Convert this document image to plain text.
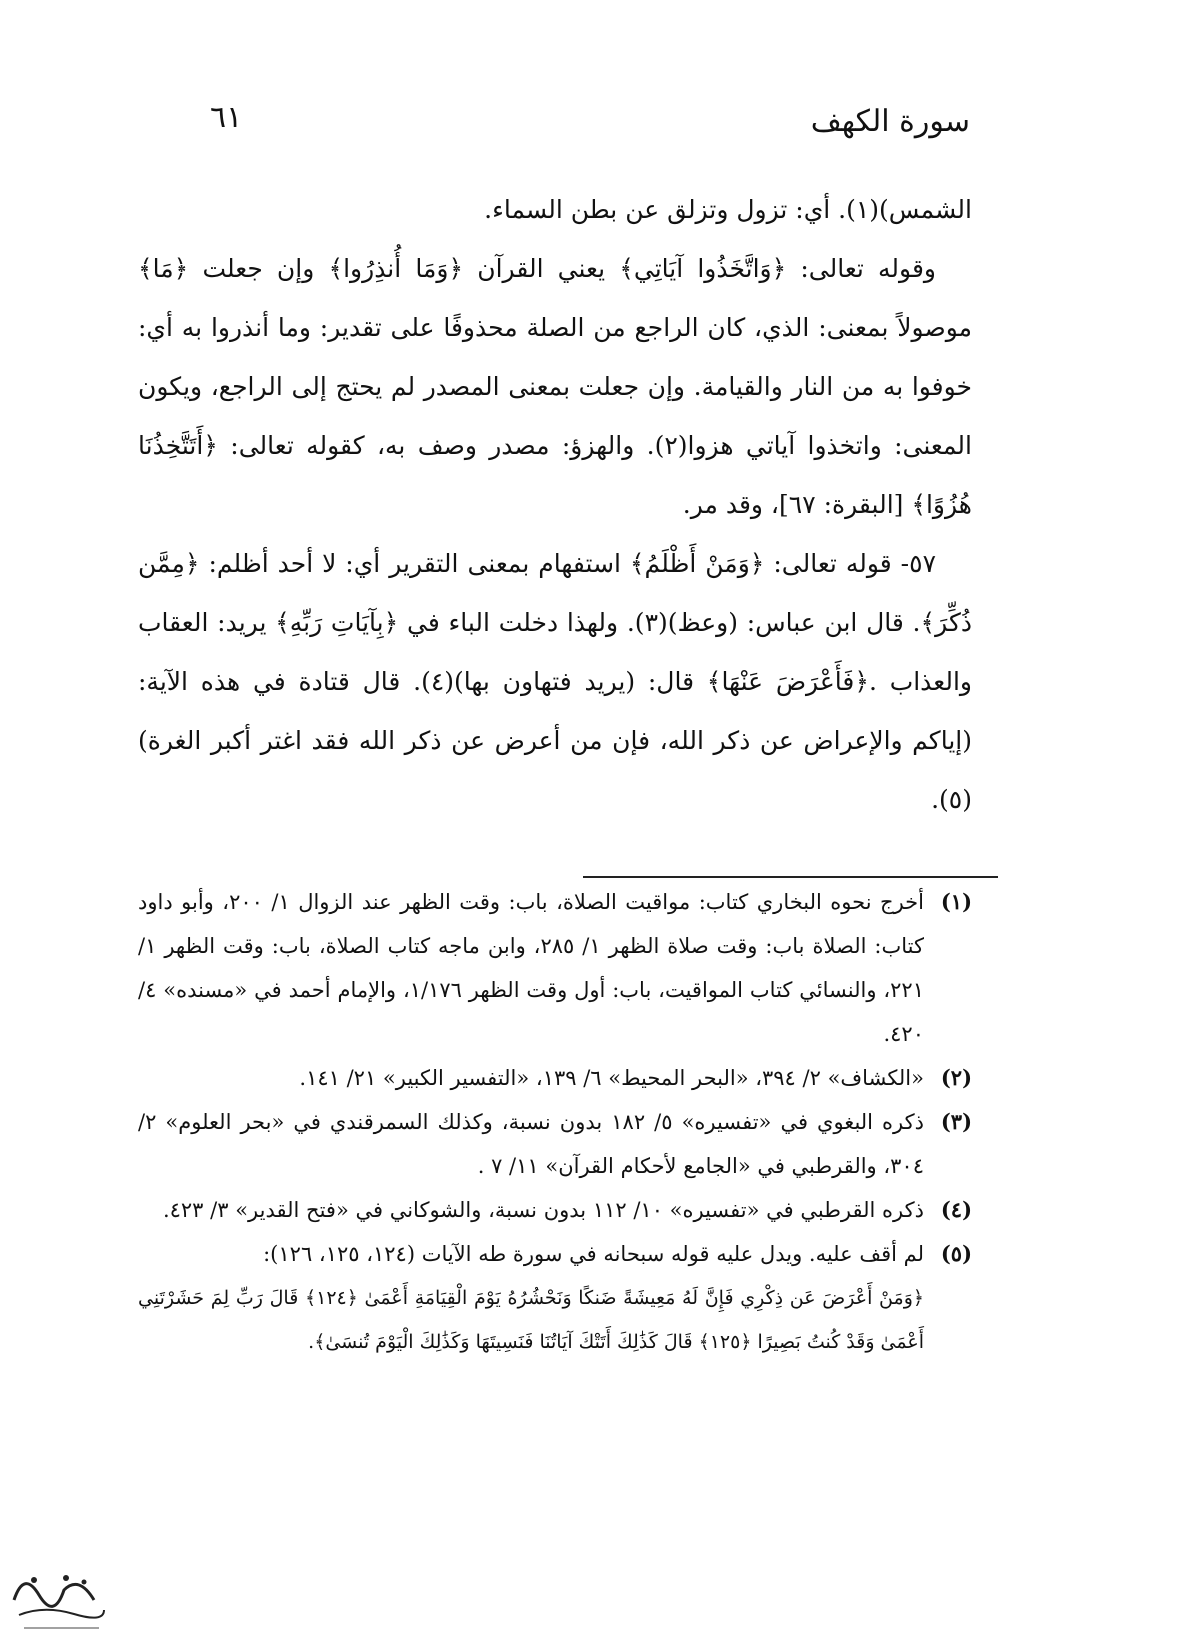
٦١	سورة الكهف

الشمس)(١). أي: تزول وتزلق عن بطن السماء.

وقوله تعالى: ﴿وَاتَّخَذُوا آيَاتِي﴾ يعني القرآن ﴿وَمَا أُنذِرُوا﴾ وإن جعلت ﴿مَا﴾ موصولاً بمعنى: الذي، كان الراجع من الصلة محذوفًا على تقدير: وما أنذروا به أي: خوفوا به من النار والقيامة. وإن جعلت بمعنى المصدر لم يحتج إلى الراجع، ويكون المعنى: واتخذوا آياتي هزوا(٢). والهزؤ: مصدر وصف به، كقوله تعالى: ﴿أَتَتَّخِذُنَا هُزُوًا﴾ [البقرة: ٦٧]، وقد مر.

٥٧- قوله تعالى: ﴿وَمَنْ أَظْلَمُ﴾ استفهام بمعنى التقرير أي: لا أحد أظلم: ﴿مِمَّن ذُكِّرَ﴾. قال ابن عباس: (وعظ)(٣). ولهذا دخلت الباء في ﴿بِآيَاتِ رَبِّهِ﴾ يريد: العقاب والعذاب .﴿فَأَعْرَضَ عَنْهَا﴾ قال: (يريد فتهاون بها)(٤). قال قتادة في هذه الآية: (إياكم والإعراض عن ذكر الله، فإن من أعرض عن ذكر الله فقد اغتر أكبر الغرة)(٥).

(١)
أخرج نحوه البخاري كتاب: مواقيت الصلاة، باب: وقت الظهر عند الزوال ١/ ٢٠٠، وأبو داود كتاب: الصلاة باب: وقت صلاة الظهر ١/ ٢٨٥، وابن ماجه كتاب الصلاة، باب: وقت الظهر ١/ ٢٢١، والنسائي كتاب المواقيت، باب: أول وقت الظهر ١/١٧٦، والإمام أحمد في «مسنده» ٤/ ٤٢٠.
(٢)
«الكشاف» ٢/ ٣٩٤، «البحر المحيط» ٦/ ١٣٩، «التفسير الكبير» ٢١/ ١٤١.
(٣)
ذكره البغوي في «تفسيره» ٥/ ١٨٢ بدون نسبة، وكذلك السمرقندي في «بحر العلوم» ٢/ ٣٠٤، والقرطبي في «الجامع لأحكام القرآن» ١١/ ٧ .
(٤)
ذكره القرطبي في «تفسيره» ١٠/ ١١٢ بدون نسبة، والشوكاني في «فتح القدير» ٣/ ٤٢٣.
(٥)
لم أقف عليه. ويدل عليه قوله سبحانه في سورة طه الآيات (١٢٤، ١٢٥، ١٢٦):
﴿وَمَنْ أَعْرَضَ عَن ذِكْرِي فَإِنَّ لَهُ مَعِيشَةً ضَنكًا وَنَحْشُرُهُ يَوْمَ الْقِيَامَةِ أَعْمَىٰ ﴿١٢٤﴾ قَالَ رَبِّ لِمَ حَشَرْتَنِي أَعْمَىٰ وَقَدْ كُنتُ بَصِيرًا ﴿١٢٥﴾ قَالَ كَذَٰلِكَ أَتَتْكَ آيَاتُنَا فَنَسِيتَهَا وَكَذَٰلِكَ الْيَوْمَ تُنسَىٰ﴾.
